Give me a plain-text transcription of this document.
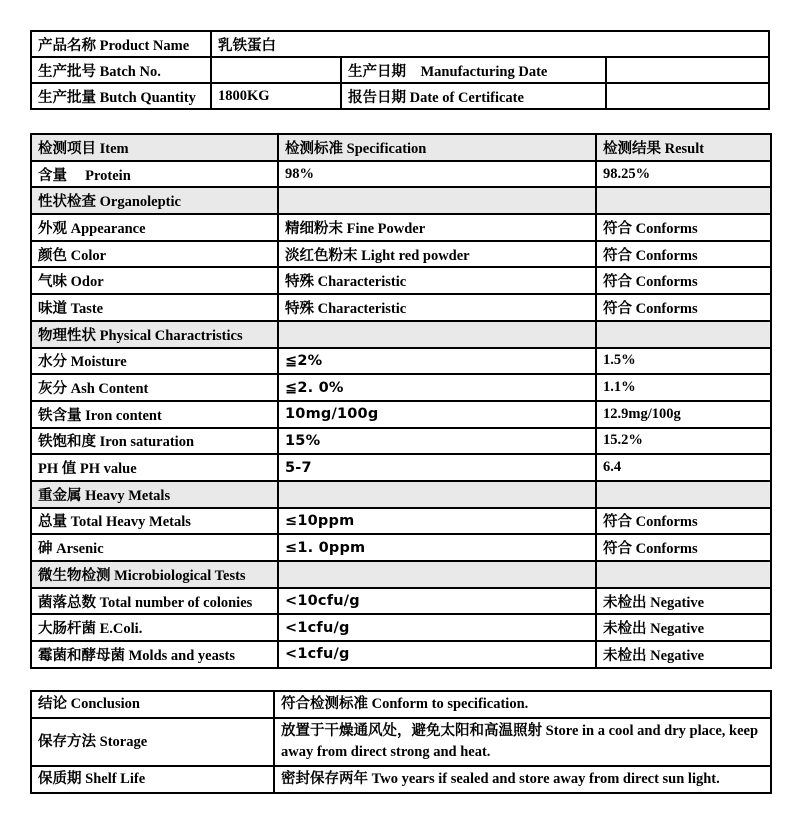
产品名称 Product Name	乳铁蛋白		
生产批号 Batch No.		生产日期　Manufacturing Date	
生产批量 Butch Quantity	1800KG	报告日期 Date of Certificate	
检测项目 Item	检测标准 Specification	检测结果 Result
含量　 Protein	98%	98.25%
性状检查 Organoleptic		
外观 Appearance	精细粉末 Fine Powder	符合 Conforms
颜色 Color	淡红色粉末 Light red powder	符合 Conforms
气味 Odor	特殊 Characteristic	符合 Conforms
味道 Taste	特殊 Characteristic	符合 Conforms
物理性状 Physical Charactristics		
水分 Moisture	≦2%	1.5%
灰分 Ash Content	≦2. 0%	1.1%
铁含量 Iron content	10mg/100g	12.9mg/100g
铁饱和度 Iron saturation	15%	15.2%
PH 值 PH value	5-7	6.4
重金属 Heavy Metals		
总量 Total Heavy Metals	≤10ppm	符合 Conforms
砷 Arsenic	≤1. 0ppm	符合 Conforms
微生物检测 Microbiological Tests		
菌落总数 Total number of colonies	<10cfu/g	未检出 Negative
大肠杆菌 E.Coli.	<1cfu/g	未检出 Negative
霉菌和酵母菌 Molds and yeasts	<1cfu/g	未检出 Negative
结论 Conclusion	符合检测标准 Conform to specification.
保存方法 Storage	放置于干燥通风处，避免太阳和高温照射 Store in a cool and dry place, keep away from direct strong and heat.
保质期 Shelf Life	密封保存两年 Two years if sealed and store away from direct sun light.
